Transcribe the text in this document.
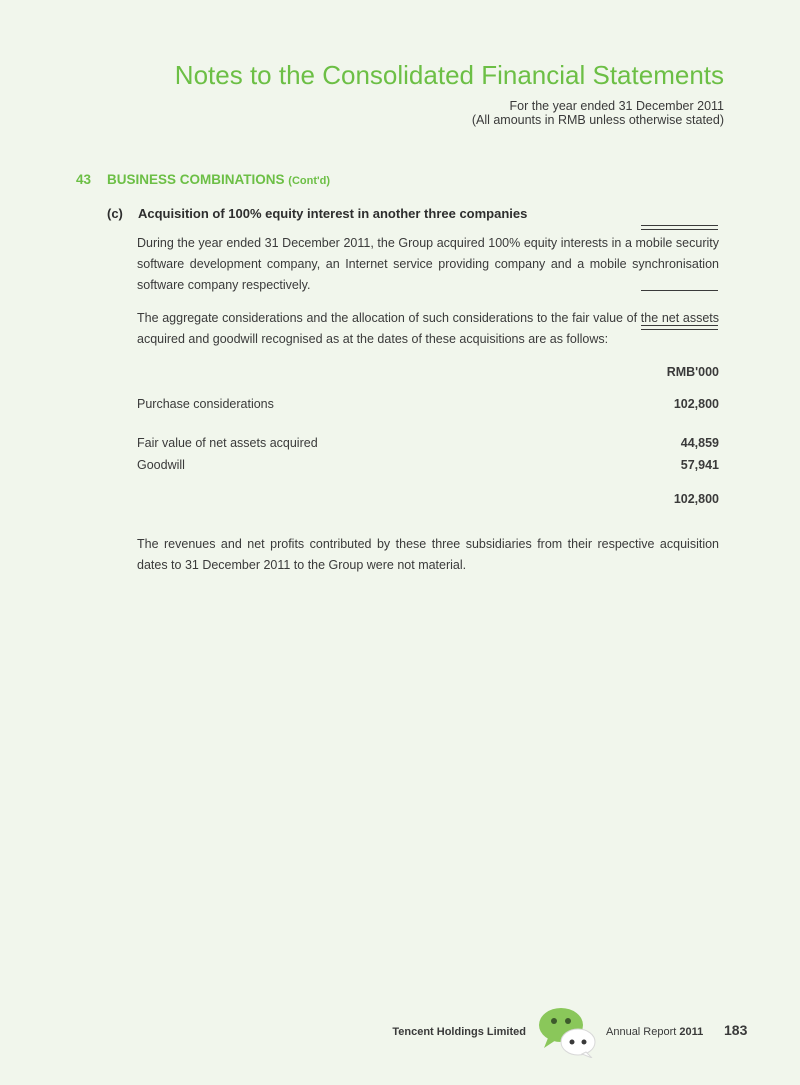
Notes to the Consolidated Financial Statements
For the year ended 31 December 2011
(All amounts in RMB unless otherwise stated)
43 BUSINESS COMBINATIONS (Cont'd)
(c) Acquisition of 100% equity interest in another three companies
During the year ended 31 December 2011, the Group acquired 100% equity interests in a mobile security software development company, an Internet service providing company and a mobile synchronisation software company respectively.
The aggregate considerations and the allocation of such considerations to the fair value of the net assets acquired and goodwill recognised as at the dates of these acquisitions are as follows:
RMB'000
Purchase considerations	102,800
Fair value of net assets acquired	44,859
Goodwill	57,941
102,800
The revenues and net profits contributed by these three subsidiaries from their respective acquisition dates to 31 December 2011 to the Group were not material.
Tencent Holdings Limited	Annual Report 2011 183
